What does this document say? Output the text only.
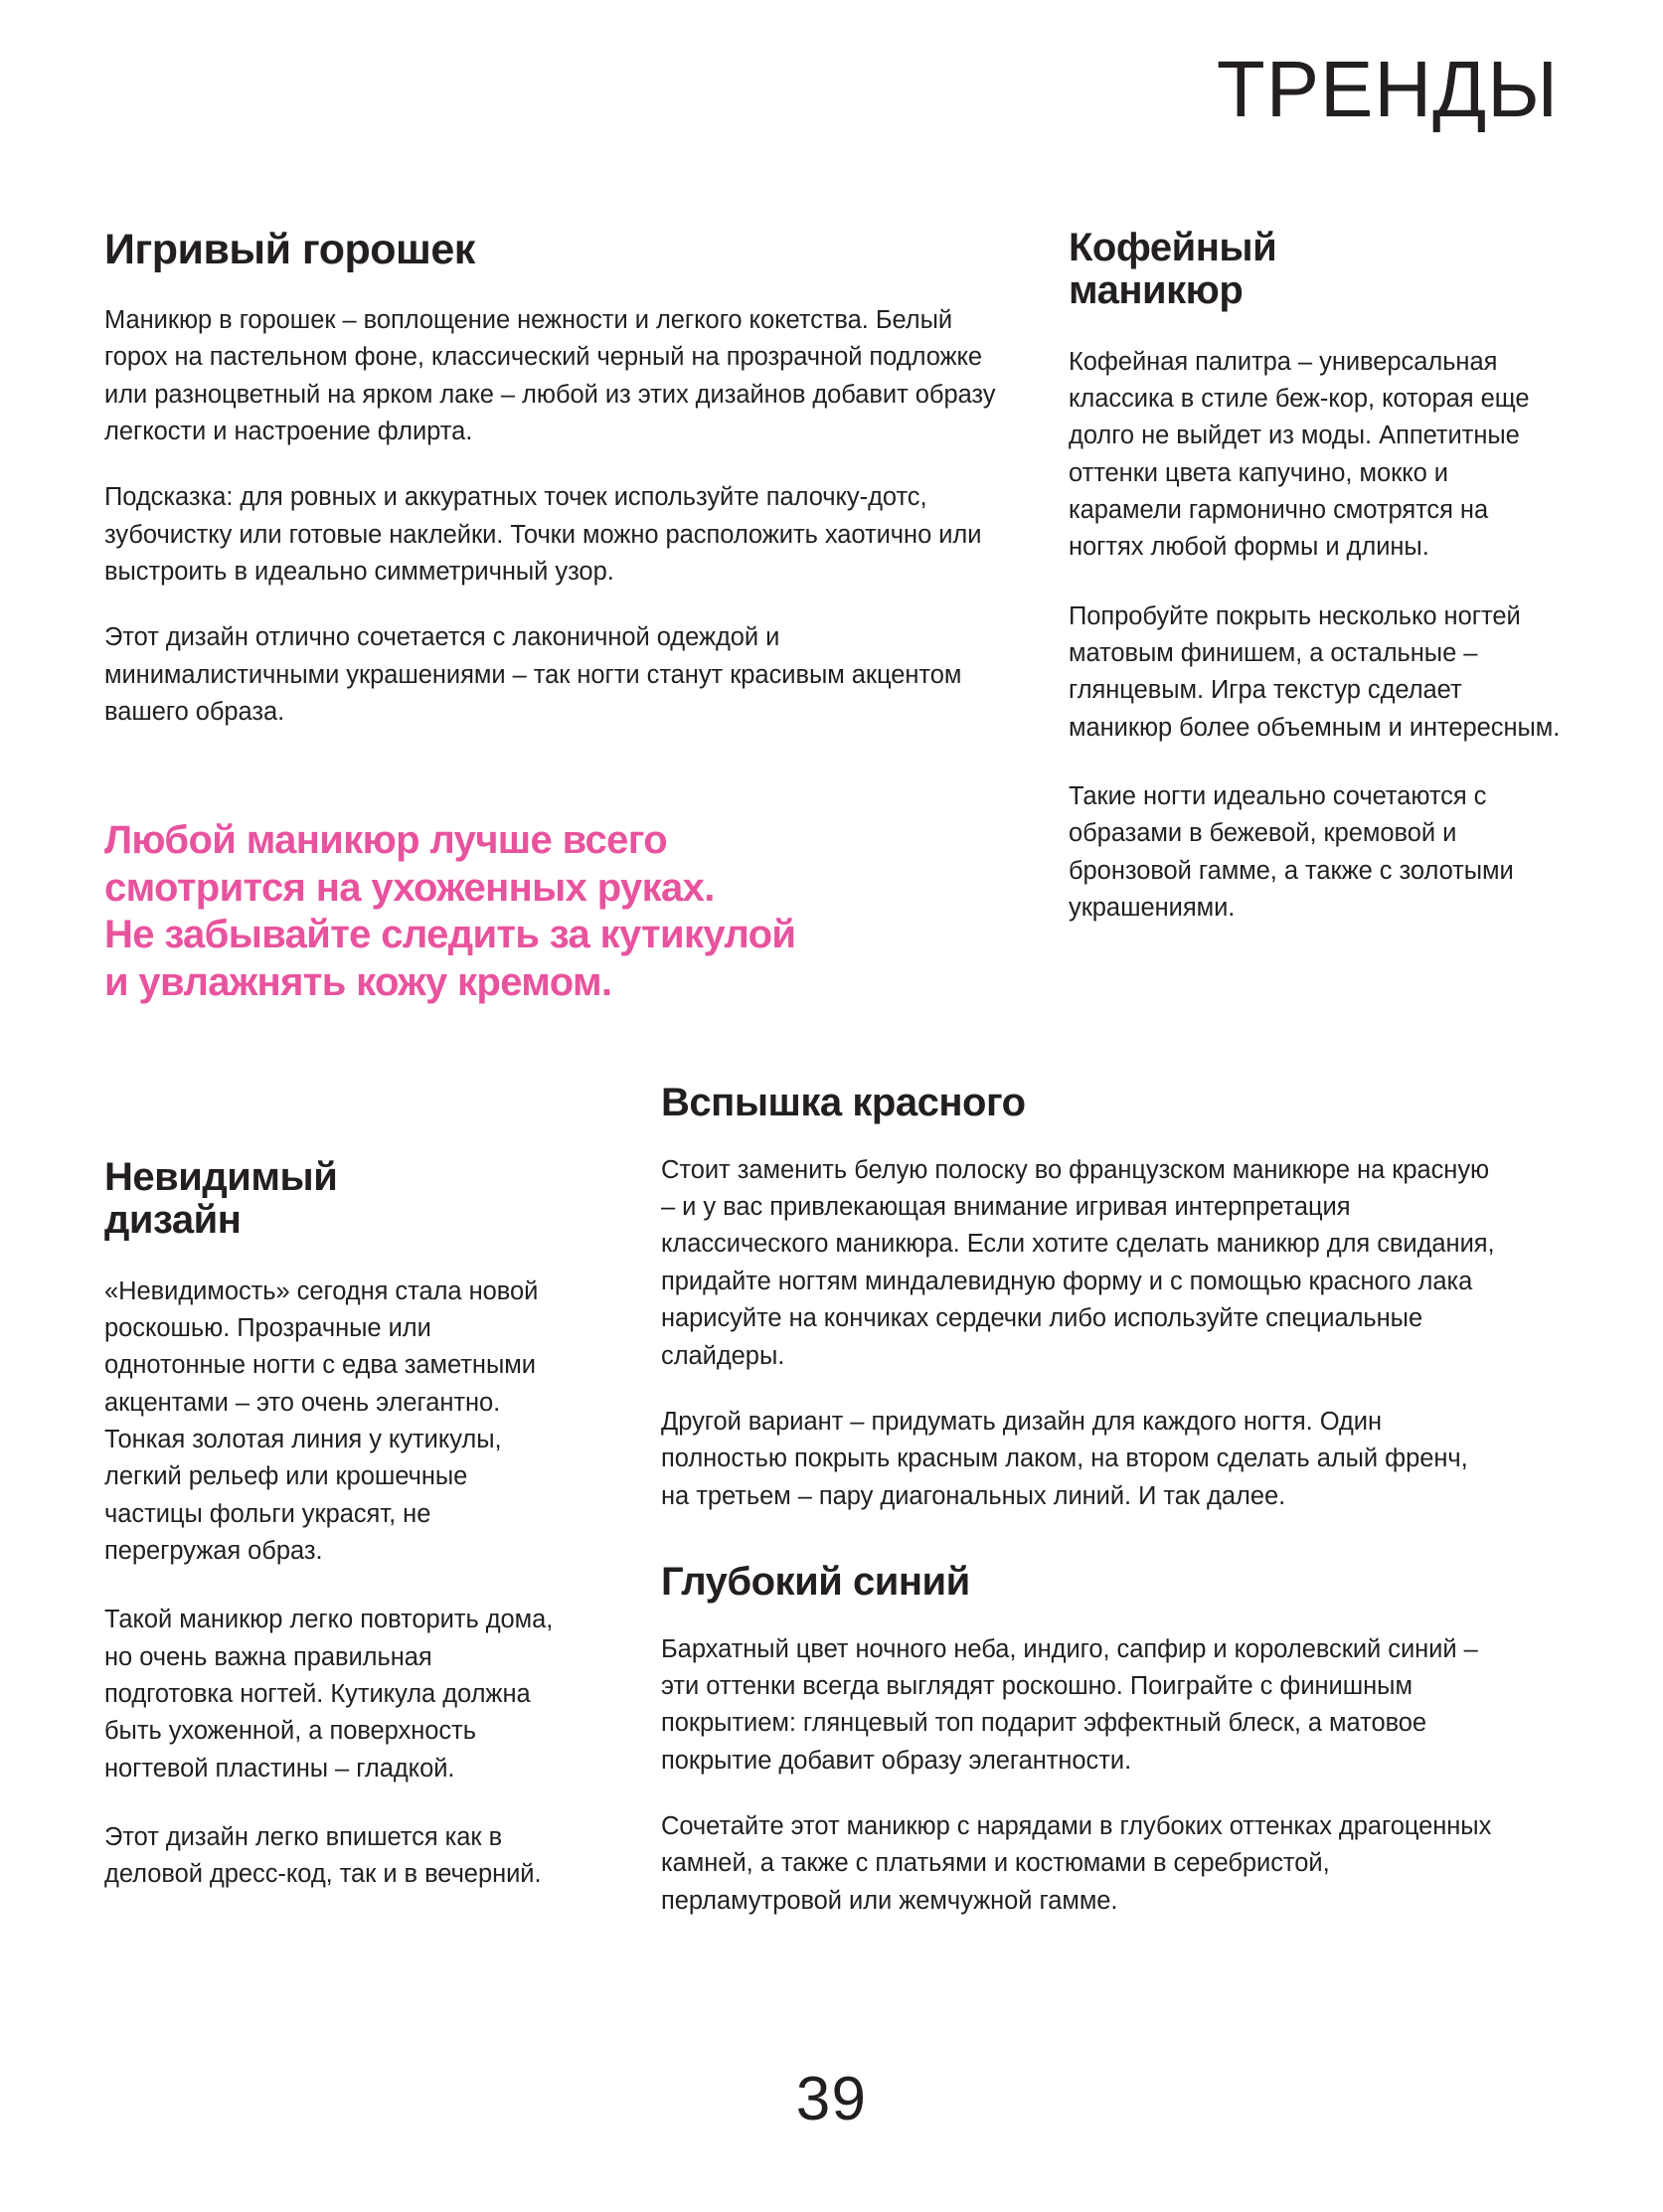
ТРЕНДЫ
Игривый горошек

Маникюр в горошек – воплощение нежности и легкого кокетства. Белый горох на пастельном фоне, классический черный на прозрачной подложке или разноцветный на ярком лаке – любой из этих дизайнов добавит образу легкости и настроение флирта.

Подсказка: для ровных и аккуратных точек используйте палочку-дотс, зубочистку или готовые наклейки. Точки можно расположить хаотично или выстроить в идеально симметричный узор.

Этот дизайн отлично сочетается с лаконичной одеждой и минималистичными украшениями – так ногти станут красивым акцентом вашего образа.

Любой маникюр лучше всего
смотрится на ухоженных руках.
Не забывайте следить за кутикулой
и увлажнять кожу кремом.
Кофейный
маникюр

Кофейная палитра – универсальная классика в стиле беж-кор, которая еще долго не выйдет из моды. Аппетитные оттенки цвета капучино, мокко и карамели гармонично смотрятся на ногтях любой формы и длины.

Попробуйте покрыть несколько ногтей матовым финишем, а остальные – глянцевым. Игра текстур сделает маникюр более объемным и интересным.

Такие ногти идеально сочетаются с образами в бежевой, кремовой и бронзовой гамме, а также с золотыми украшениями.

Невидимый
дизайн

«Невидимость» сегодня стала новой роскошью. Прозрачные или однотонные ногти с едва заметными акцентами – это очень элегантно. Тонкая золотая линия у кутикулы, легкий рельеф или крошечные частицы фольги украсят, не перегружая образ.

Такой маникюр легко повторить дома, но очень важна правильная подготовка ногтей. Кутикула должна быть ухоженной, а поверхность ногтевой пластины – гладкой.

Этот дизайн легко впишется как в деловой дресс-код, так и в вечерний.

Вспышка красного

Стоит заменить белую полоску во французском маникюре на красную – и у вас привлекающая внимание игривая интерпретация классического маникюра. Если хотите сделать маникюр для свидания, придайте ногтям миндалевидную форму и с помощью красного лака нарисуйте на кончиках сердечки либо используйте специальные слайдеры.

Другой вариант – придумать дизайн для каждого ногтя. Один полностью покрыть красным лаком, на втором сделать алый френч, на третьем – пару диагональных линий. И так далее.

Глубокий синий

Бархатный цвет ночного неба, индиго, сапфир и королевский синий – эти оттенки всегда выглядят роскошно. Поиграйте с финишным покрытием: глянцевый топ подарит эффектный блеск, а матовое покрытие добавит образу элегантности.

Сочетайте этот маникюр с нарядами в глубоких оттенках драгоценных камней, а также с платьями и костюмами в серебристой, перламутровой или жемчужной гамме.

39
